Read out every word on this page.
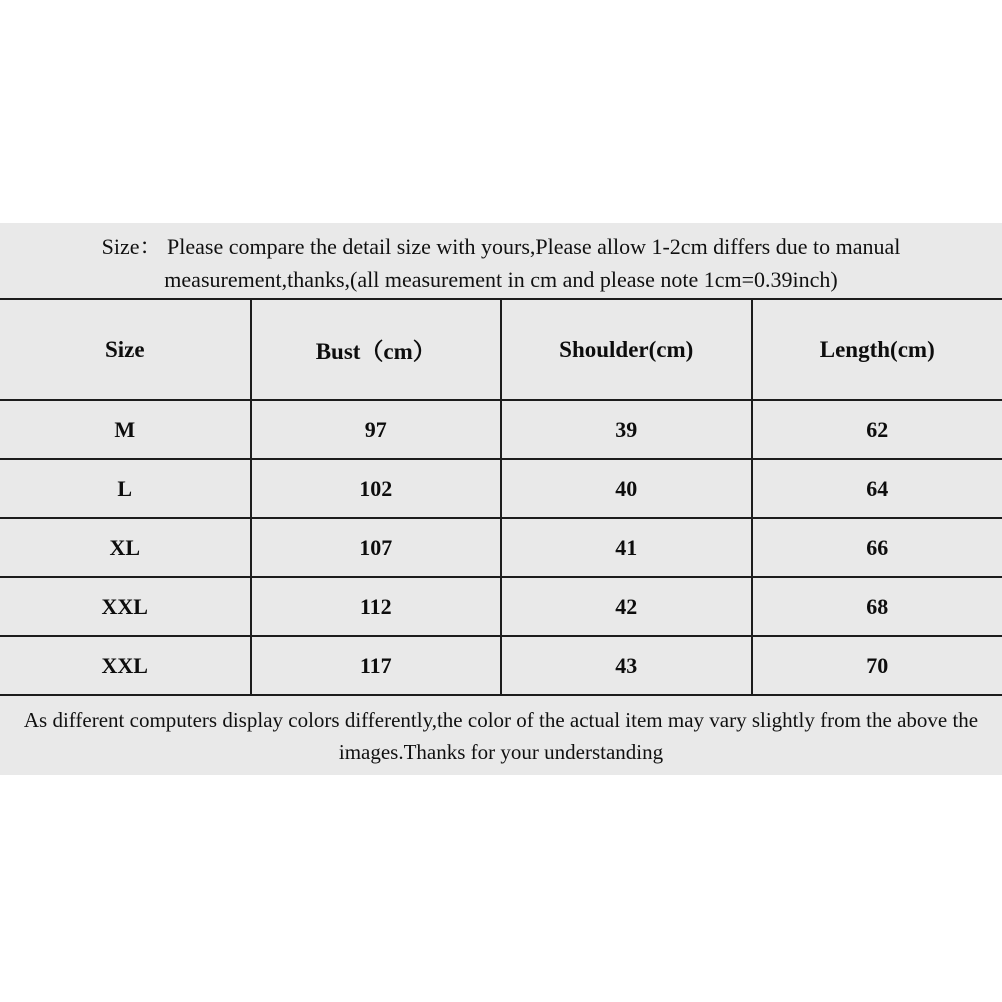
Size： Please compare the detail size with yours,Please allow 1-2cm differs due to manual measurement,thanks,(all measurement in cm and please note 1cm=0.39inch)

Size	Bust（cm）	Shoulder(cm)	Length(cm)
M	97	39	62
L	102	40	64
XL	107	41	66
XXL	112	42	68
XXL	117	43	70

As different computers display colors differently,the color of the actual item may vary slightly from the above the images.Thanks for your understanding
